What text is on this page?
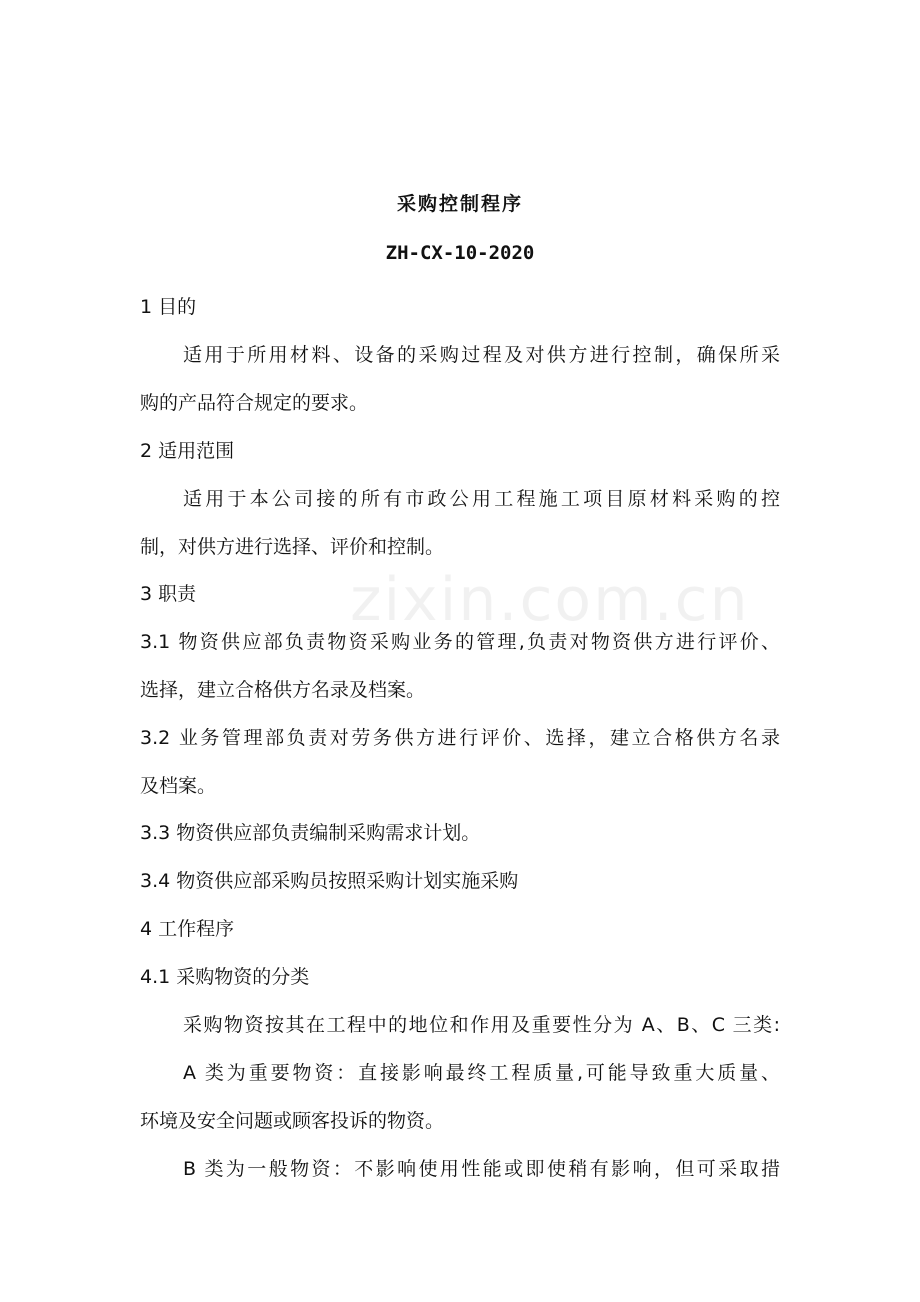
zixin.com.cn
采购控制程序
ZH-CX-10-2020
1 目的
适用于所用材料、设备的采购过程及对供方进行控制，确保所采
购的产品符合规定的要求。
2 适用范围
适用于本公司接的所有市政公用工程施工项目原材料采购的控
制，对供方进行选择、评价和控制。
3 职责
3.1 物资供应部负责物资采购业务的管理,负责对物资供方进行评价、
选择，建立合格供方名录及档案。
3.2 业务管理部负责对劳务供方进行评价、选择，建立合格供方名录
及档案。
3.3 物资供应部负责编制采购需求计划。
3.4 物资供应部采购员按照采购计划实施采购
4 工作程序
4.1 采购物资的分类
采购物资按其在工程中的地位和作用及重要性分为 A、B、C 三类:
A 类为重要物资：直接影响最终工程质量,可能导致重大质量、
环境及安全问题或顾客投诉的物资。
B 类为一般物资：不影响使用性能或即使稍有影响，但可采取措
